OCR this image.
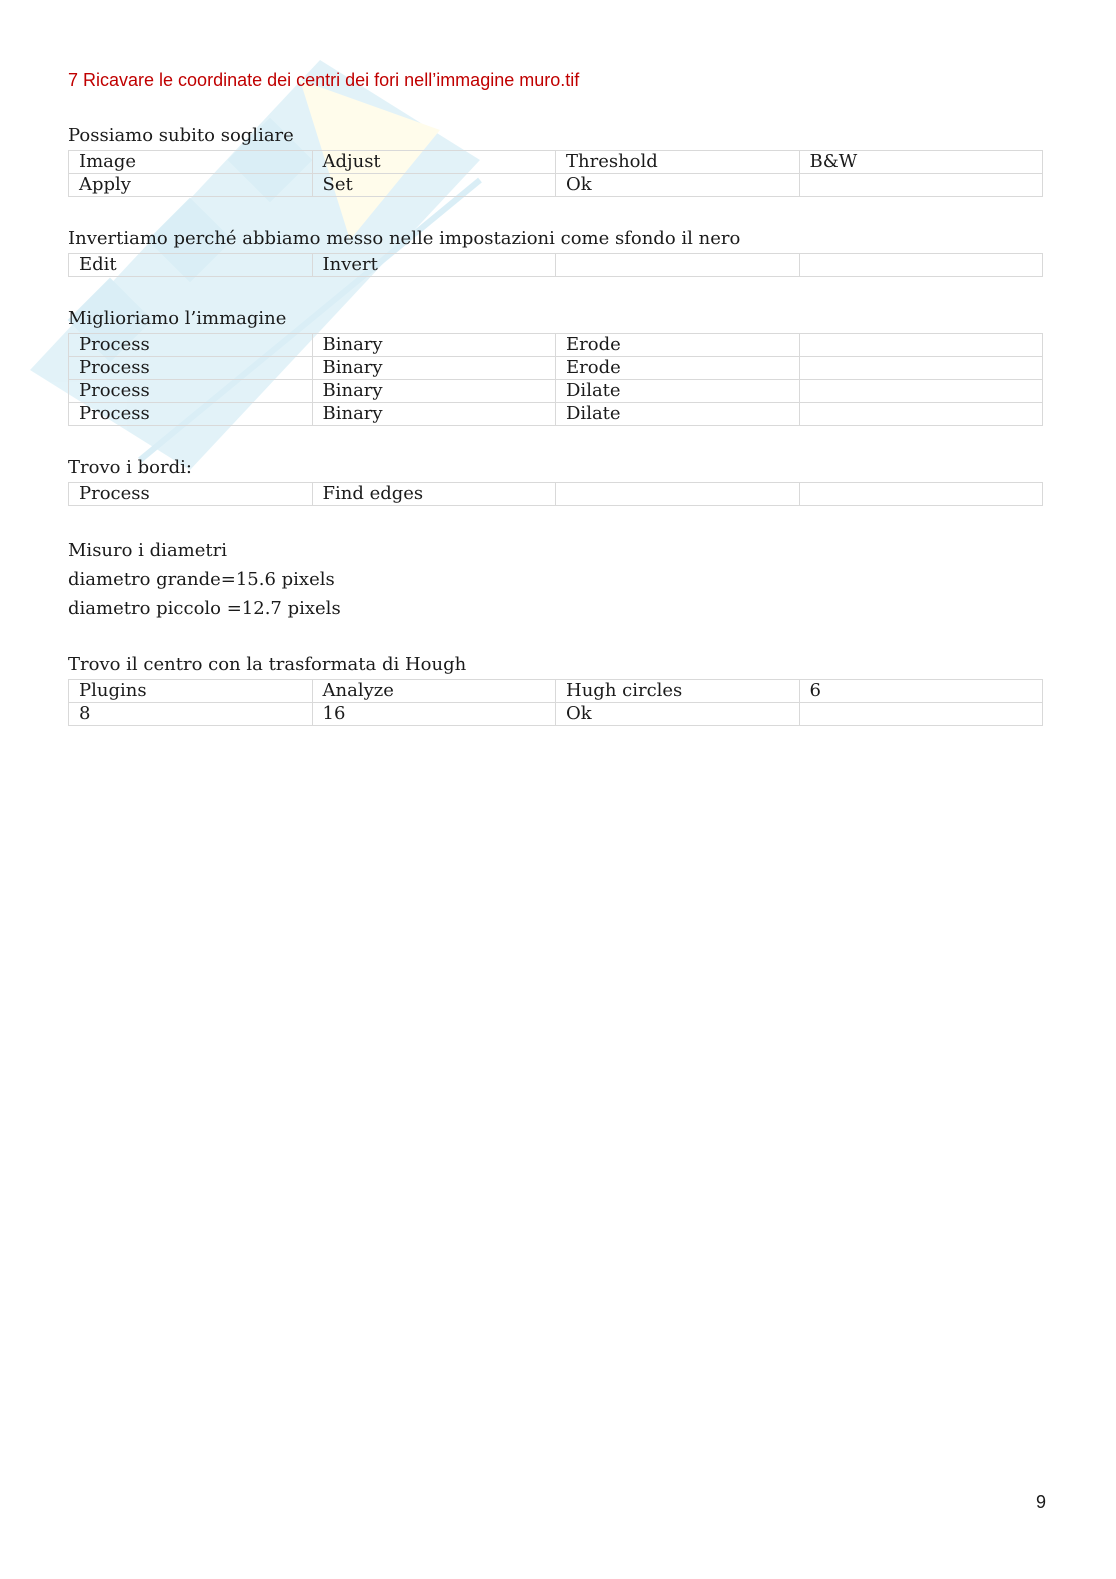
7 Ricavare le coordinate dei centri dei fori nell’immagine muro.tif

Possiamo subito sogliare

Image	Adjust	Threshold	B&W
Apply	Set	Ok	

Invertiamo perché abbiamo messo nelle impostazioni come sfondo il nero

Edit	Invert		

Miglioriamo l’immagine

Process	Binary	Erode	
Process	Binary	Erode	
Process	Binary	Dilate	
Process	Binary	Dilate	

Trovo i bordi:

Process	Find edges		

Misuro i diametri

diametro grande=15.6 pixels

diametro piccolo =12.7 pixels

Trovo il centro con la trasformata di Hough

Plugins	Analyze	Hugh circles	6
8	16	Ok	
9
